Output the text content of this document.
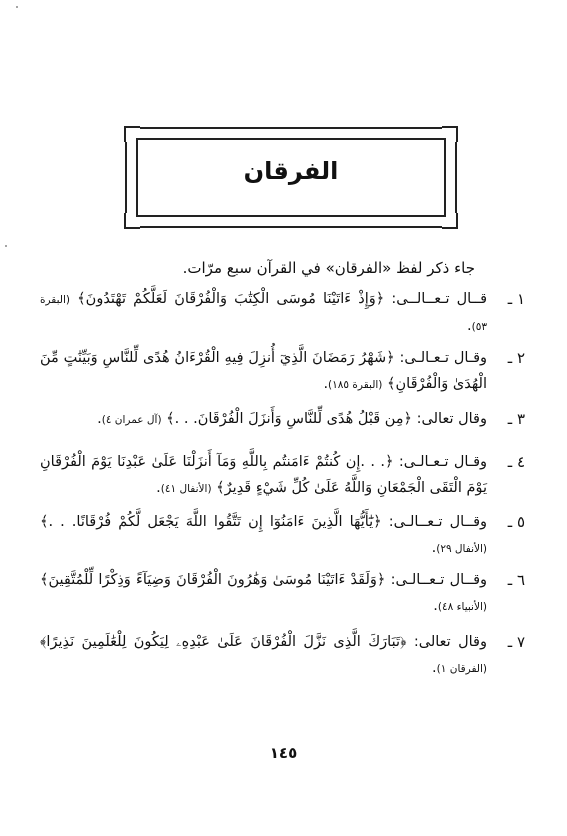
الفرقان
جاء ذكر لفظ «الفرقان» في القرآن سبع مرّات.
١ ـ
قــال تـعــالــى: ﴿وَإِذْ ءَاتَيْنَا مُوسَى الْكِتَٰبَ وَالْفُرْقَانَ لَعَلَّكُمْ تَهْتَدُونَ﴾ (البقرة ٥٣).
٢ ـ
وقـال تـعـالـى: ﴿شَهْرُ رَمَضَانَ الَّذِيٓ أُنزِلَ فِيهِ الْقُرْءَانُ هُدًى لِّلنَّاسِ وَبَيِّنَٰتٍ مِّنَ الْهُدَىٰ وَالْفُرْقَانِ﴾ (البقرة ١٨٥).
٣ ـ
وقال تعالى: ﴿مِن قَبْلُ هُدًى لِّلنَّاسِ وَأَنزَلَ الْفُرْقَانَ. . .﴾ (آل عمران ٤).
٤ ـ
وقـال تـعـالـى: ﴿. . .إِن كُنتُمْ ءَامَنتُم بِاللَّهِ وَمَآ أَنزَلْنَا عَلَىٰ عَبْدِنَا يَوْمَ الْفُرْقَانِ يَوْمَ الْتَقَى الْجَمْعَانِ وَاللَّهُ عَلَىٰ كُلِّ شَيْءٍ قَدِيرٌ﴾ (الأنفال ٤١).
٥ ـ
وقــال تـعــالـى: ﴿يَٰٓأَيُّهَا الَّذِينَ ءَامَنُوٓا إِن تَتَّقُوا اللَّهَ يَجْعَل لَّكُمْ فُرْقَانًا. . .﴾ (الأنفال ٢٩).
٦ ـ
وقــال تـعــالـى: ﴿وَلَقَدْ ءَاتَيْنَا مُوسَىٰ وَهَٰرُونَ الْفُرْقَانَ وَضِيَآءً وَذِكْرًا لِّلْمُتَّقِينَ﴾ (الأنبياء ٤٨).
٧ ـ
وقال تعالى: ﴿تَبَارَكَ الَّذِى نَزَّلَ الْفُرْقَانَ عَلَىٰ عَبْدِهِۦ لِيَكُونَ لِلْعَٰلَمِينَ نَذِيرًا﴾ (الفرقان ١).
١٤٥
